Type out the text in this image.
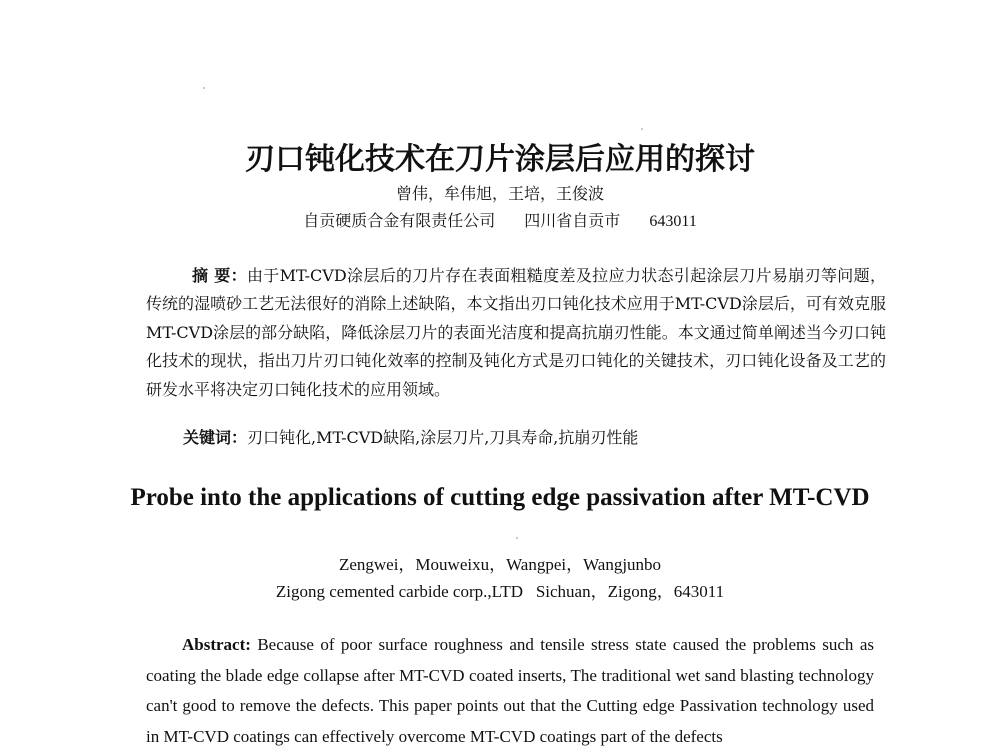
刃口钝化技术在刀片涂层后应用的探讨
曾伟，牟伟旭，王培，王俊波
自贡硬质合金有限责任公司 四川省自贡市 643011
摘 要：由于MT-CVD涂层后的刀片存在表面粗糙度差及拉应力状态引起涂层刀片易崩刃等问题，传统的湿喷砂工艺无法很好的消除上述缺陷，本文指出刃口钝化技术应用于MT-CVD涂层后，可有效克服MT-CVD涂层的部分缺陷，降低涂层刀片的表面光洁度和提高抗崩刃性能。本文通过简单阐述当今刃口钝化技术的现状，指出刀片刃口钝化效率的控制及钝化方式是刃口钝化的关键技术，刃口钝化设备及工艺的研发水平将决定刃口钝化技术的应用领域。
关键词：刃口钝化,MT-CVD缺陷,涂层刀片,刀具寿命,抗崩刃性能
Probe into the applications of cutting edge passivation after MT-CVD
Zengwei，Mouweixu，Wangpei，Wangjunbo
Zigong cemented carbide corp.,LTD   Sichuan，Zigong，643011
Abstract: Because of poor surface roughness and tensile stress state caused the problems such as coating the blade edge collapse after MT-CVD coated inserts, The traditional wet sand blasting technology can't good to remove the defects. This paper points out that the Cutting edge Passivation technology used in MT-CVD coatings can effectively overcome MT-CVD coatings part of the defects
